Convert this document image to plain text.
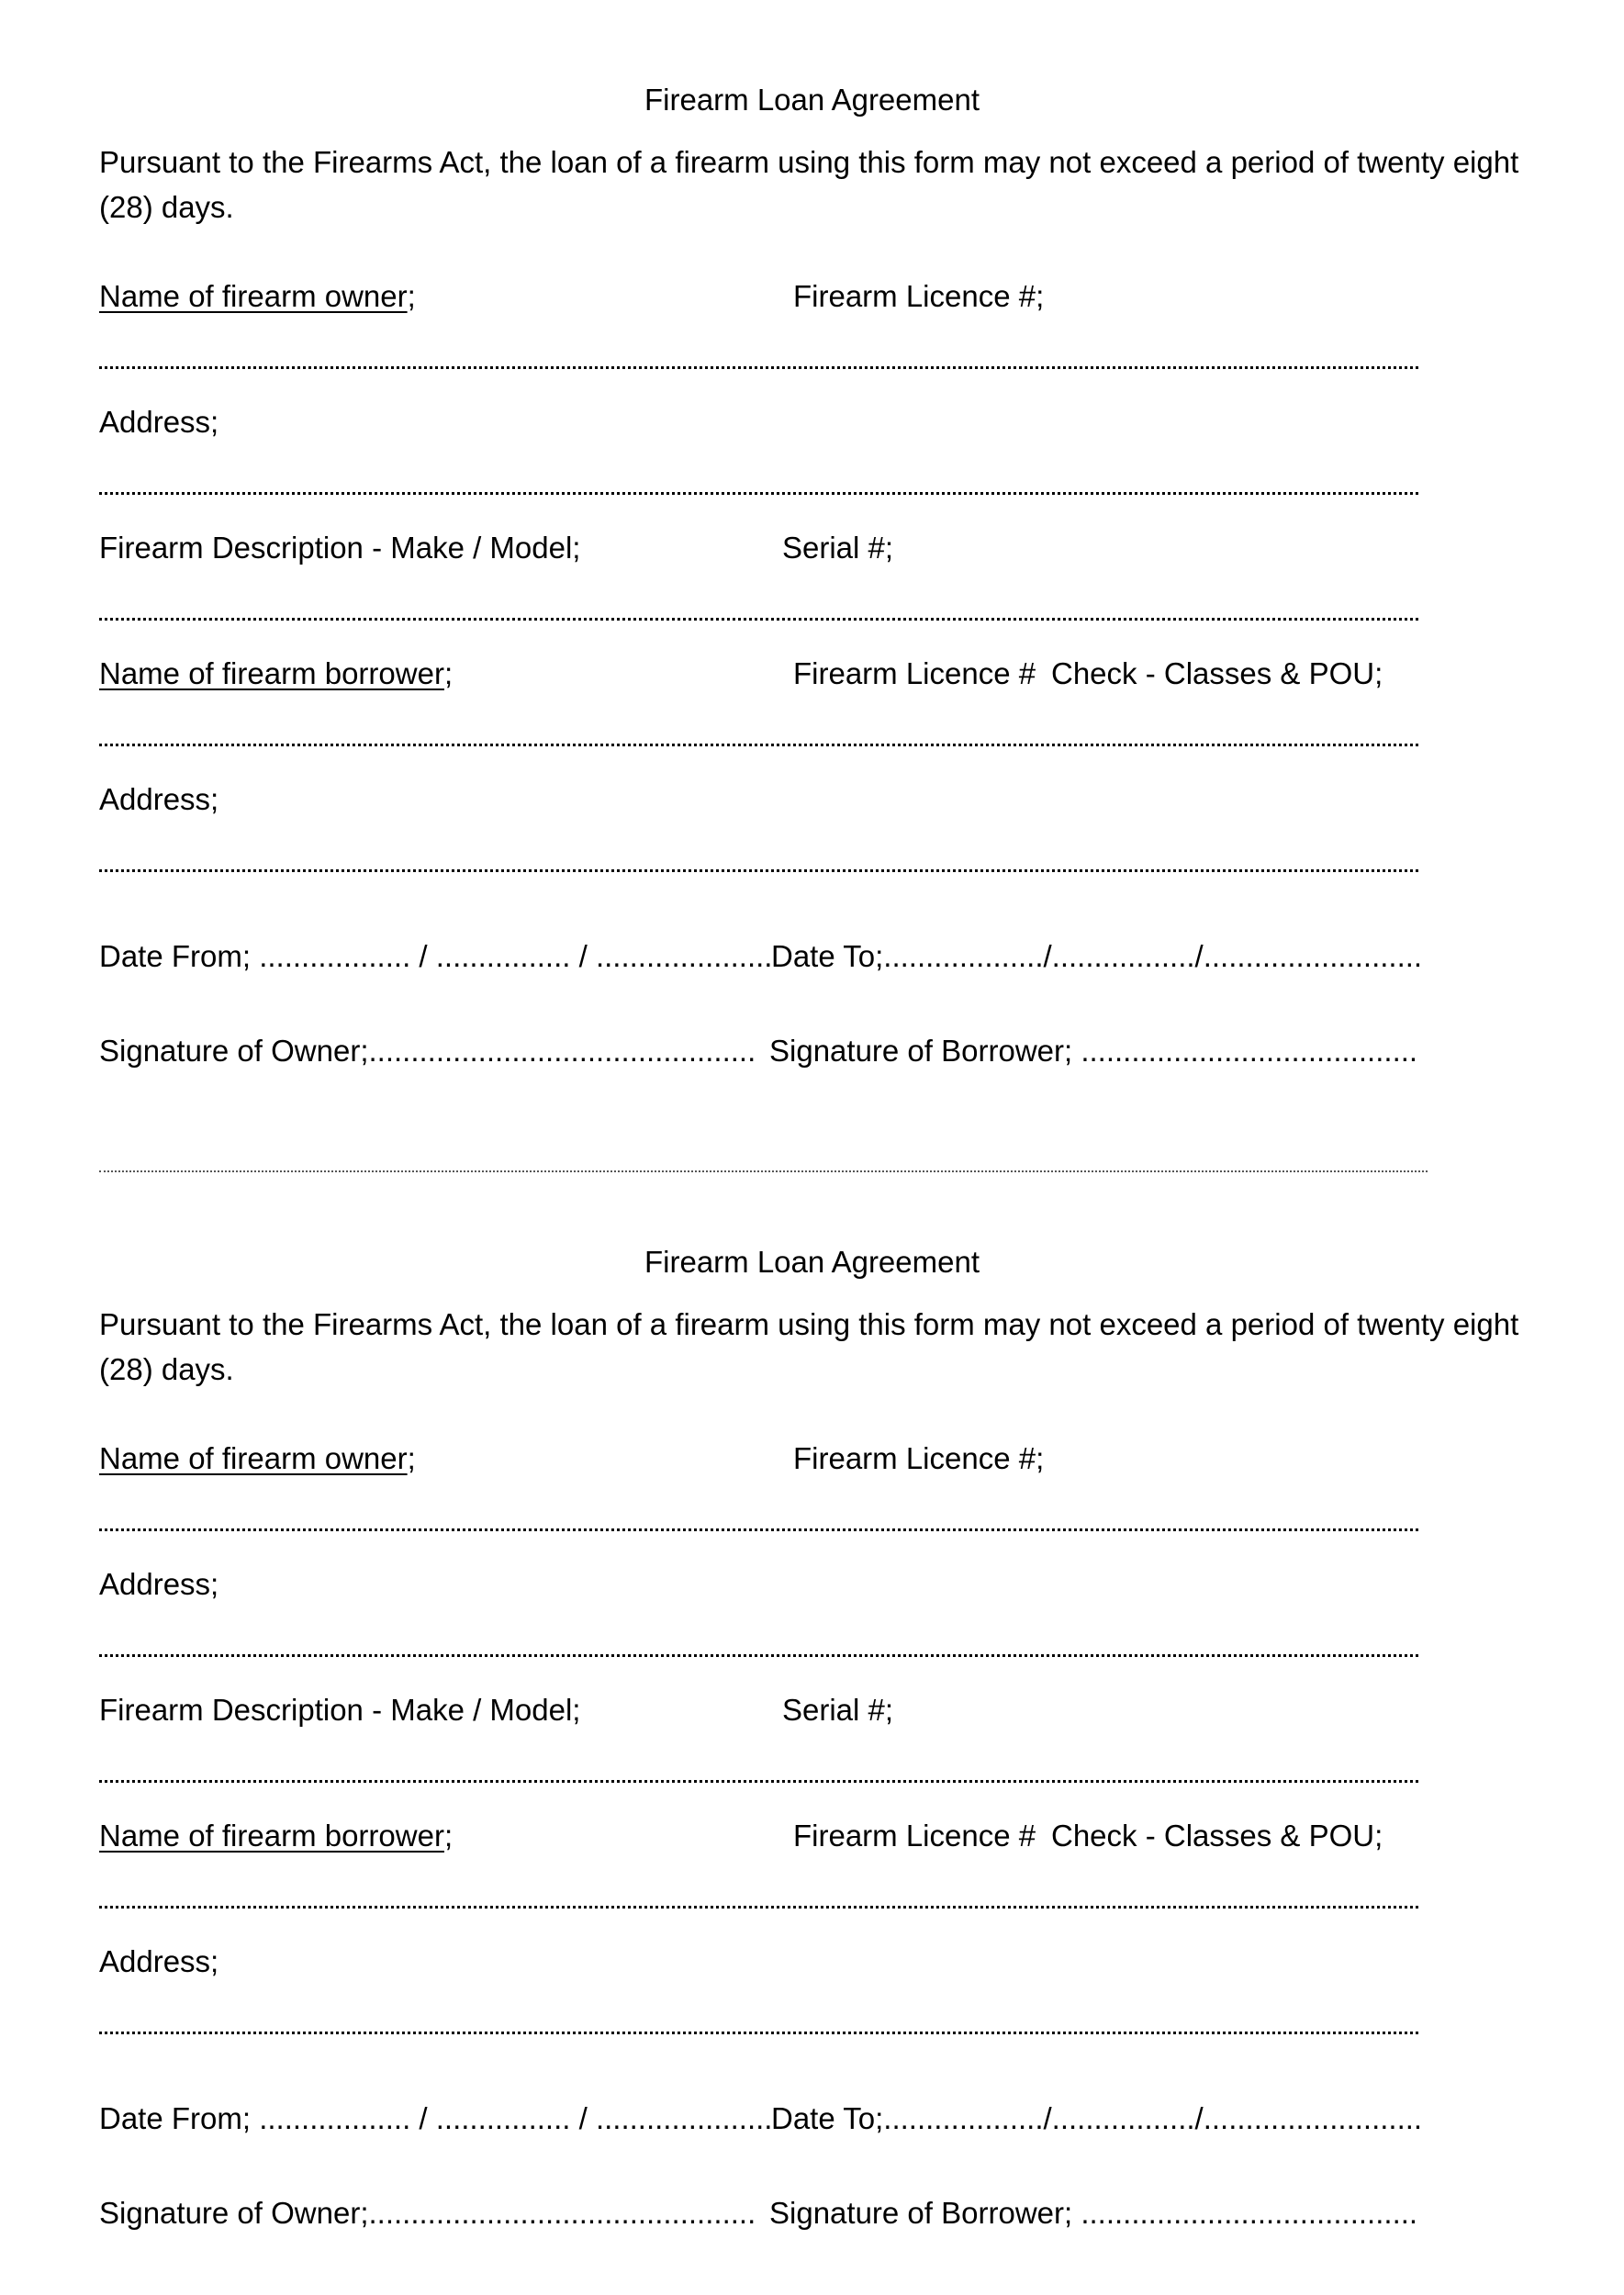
Firearm Loan Agreement
Pursuant to the Firearms Act, the loan of a firearm using this form may not exceed a period of twenty eight (28) days.
Name of firearm owner;	Firearm Licence #;
Address;
Firearm Description - Make / Model;	Serial #;
Name of firearm borrower;	Firearm Licence # Check - Classes & POU;
Address;
Date From; .................. / ................ / .....................
Date To;.................../................./..........................
Signature of Owner;.............................................. Signature of Borrower; ........................................
Firearm Loan Agreement
Pursuant to the Firearms Act, the loan of a firearm using this form may not exceed a period of twenty eight (28) days.
Name of firearm owner;	Firearm Licence #;
Address;
Firearm Description - Make / Model;	Serial #;
Name of firearm borrower;	Firearm Licence # Check - Classes & POU;
Address;
Date From; .................. / ................ / .....................
Date To;.................../................./..........................
Signature of Owner;.............................................. Signature of Borrower; ........................................
